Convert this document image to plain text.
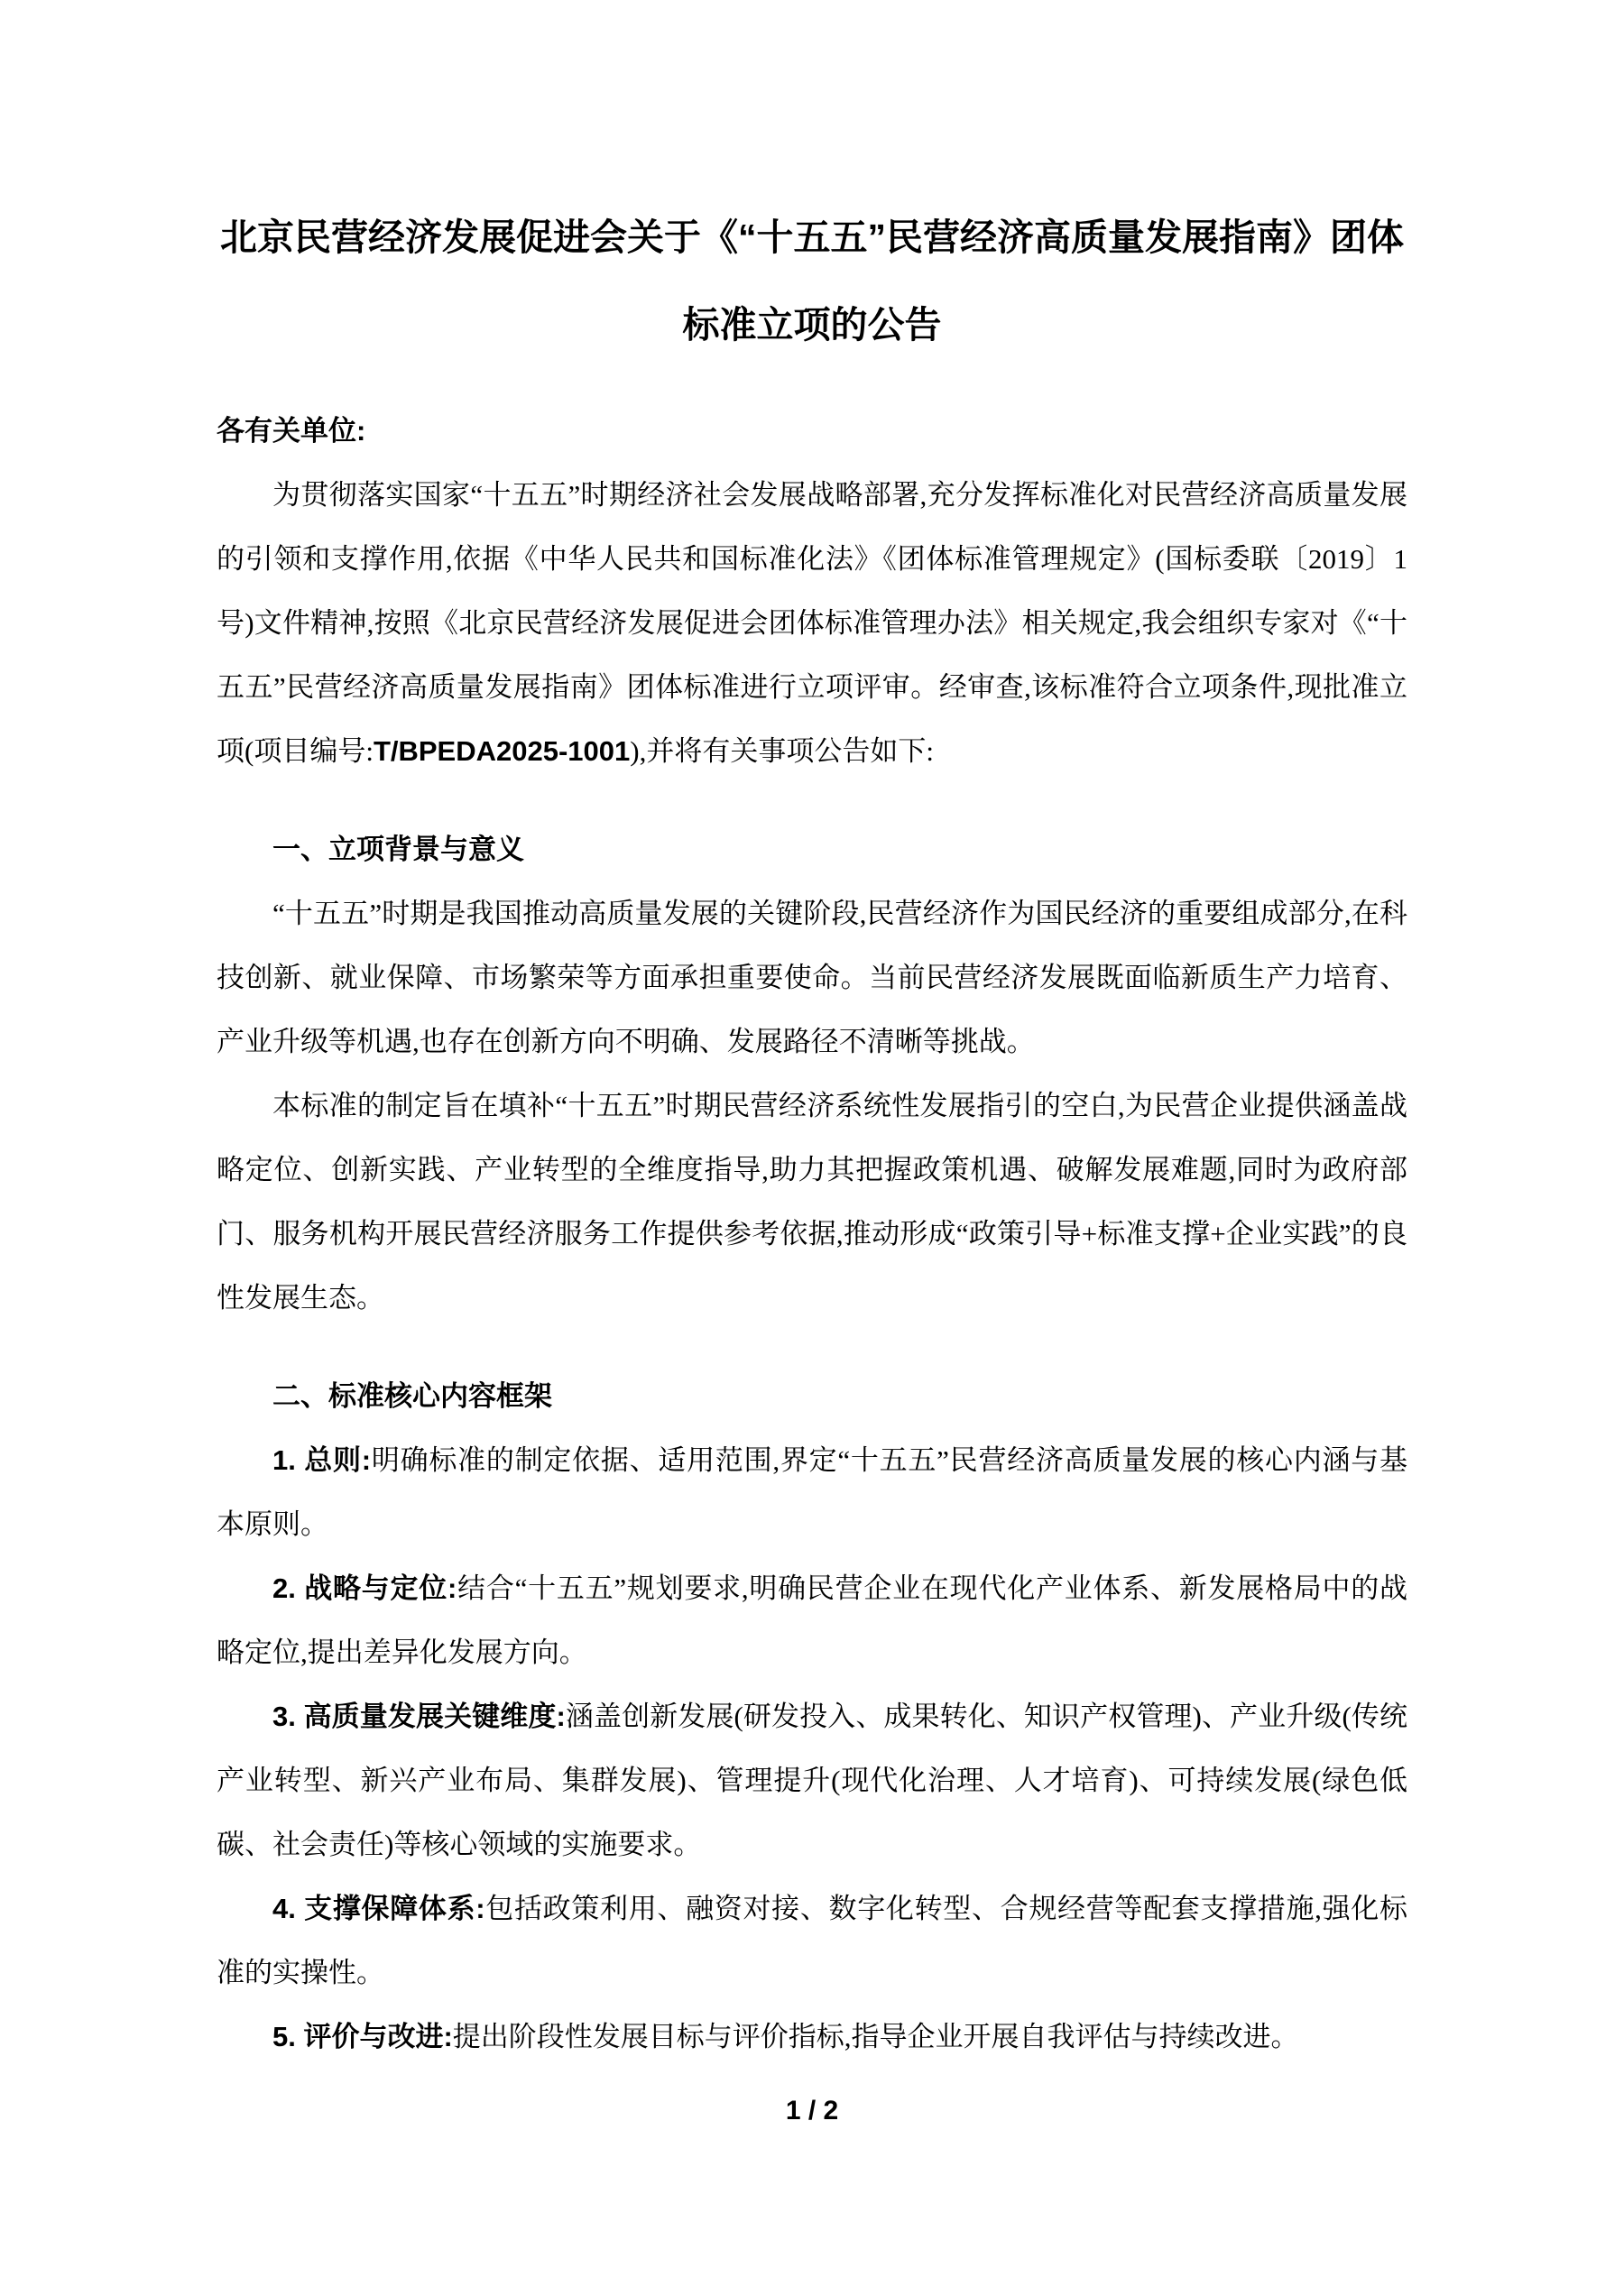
北京民营经济发展促进会关于《“十五五”民营经济高质量发展指南》团体标准立项的公告

各有关单位:

为贯彻落实国家“十五五”时期经济社会发展战略部署,充分发挥标准化对民营经济高质量发展的引领和支撑作用,依据《中华人民共和国标准化法》《团体标准管理规定》(国标委联〔2019〕1 号)文件精神,按照《北京民营经济发展促进会团体标准管理办法》相关规定,我会组织专家对《“十五五”民营经济高质量发展指南》团体标准进行立项评审。经审查,该标准符合立项条件,现批准立项(项目编号:T/BPEDA2025-1001),并将有关事项公告如下:

一、立项背景与意义

“十五五”时期是我国推动高质量发展的关键阶段,民营经济作为国民经济的重要组成部分,在科技创新、就业保障、市场繁荣等方面承担重要使命。当前民营经济发展既面临新质生产力培育、产业升级等机遇,也存在创新方向不明确、发展路径不清晰等挑战。

本标准的制定旨在填补“十五五”时期民营经济系统性发展指引的空白,为民营企业提供涵盖战略定位、创新实践、产业转型的全维度指导,助力其把握政策机遇、破解发展难题,同时为政府部门、服务机构开展民营经济服务工作提供参考依据,推动形成“政策引导+标准支撑+企业实践”的良性发展生态。

二、标准核心内容框架

1. 总则:明确标准的制定依据、适用范围,界定“十五五”民营经济高质量发展的核心内涵与基本原则。

2. 战略与定位:结合“十五五”规划要求,明确民营企业在现代化产业体系、新发展格局中的战略定位,提出差异化发展方向。

3. 高质量发展关键维度:涵盖创新发展(研发投入、成果转化、知识产权管理)、产业升级(传统产业转型、新兴产业布局、集群发展)、管理提升(现代化治理、人才培育)、可持续发展(绿色低碳、社会责任)等核心领域的实施要求。

4. 支撑保障体系:包括政策利用、融资对接、数字化转型、合规经营等配套支撑措施,强化标准的实操性。

5. 评价与改进:提出阶段性发展目标与评价指标,指导企业开展自我评估与持续改进。

1 / 2
